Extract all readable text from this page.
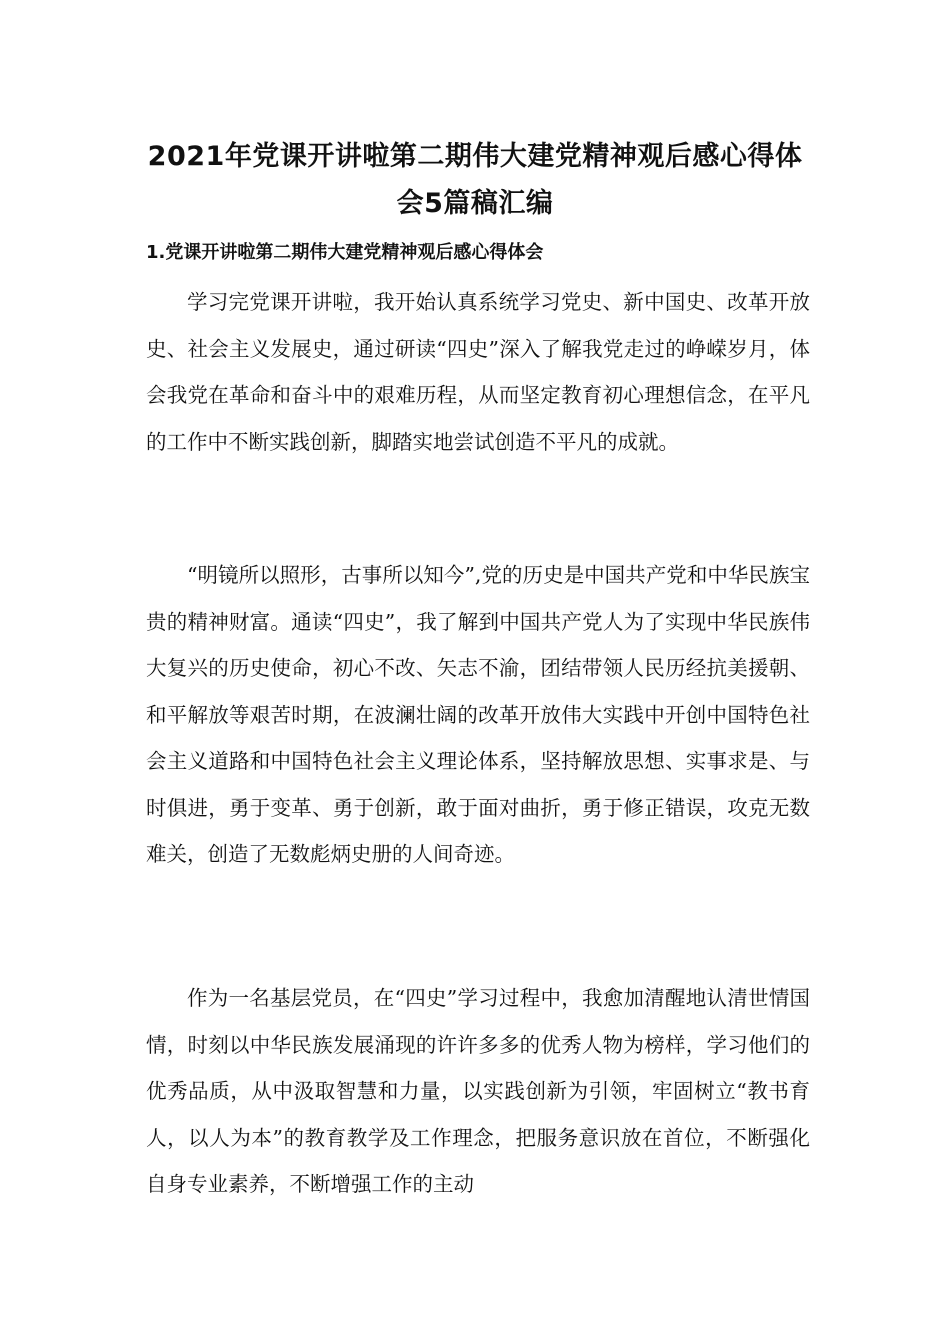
2021年党课开讲啦第二期伟大建党精神观后感心得体会5篇稿汇编
1.党课开讲啦第二期伟大建党精神观后感心得体会

学习完党课开讲啦，我开始认真系统学习党史、新中国史、改革开放史、社会主义发展史，通过研读“四史”深入了解我党走过的峥嵘岁月，体会我党在革命和奋斗中的艰难历程，从而坚定教育初心理想信念，在平凡的工作中不断实践创新，脚踏实地尝试创造不平凡的成就。

“明镜所以照形，古事所以知今”,党的历史是中国共产党和中华民族宝贵的精神财富。通读“四史”，我了解到中国共产党人为了实现中华民族伟大复兴的历史使命，初心不改、矢志不渝，团结带领人民历经抗美援朝、和平解放等艰苦时期，在波澜壮阔的改革开放伟大实践中开创中国特色社会主义道路和中国特色社会主义理论体系，坚持解放思想、实事求是、与时俱进，勇于变革、勇于创新，敢于面对曲折，勇于修正错误，攻克无数难关，创造了无数彪炳史册的人间奇迹。

作为一名基层党员，在“四史”学习过程中，我愈加清醒地认清世情国情，时刻以中华民族发展涌现的许许多多的优秀人物为榜样，学习他们的优秀品质，从中汲取智慧和力量，以实践创新为引领，牢固树立“教书育人，以人为本”的教育教学及工作理念，把服务意识放在首位，不断强化自身专业素养，不断增强工作的主动
